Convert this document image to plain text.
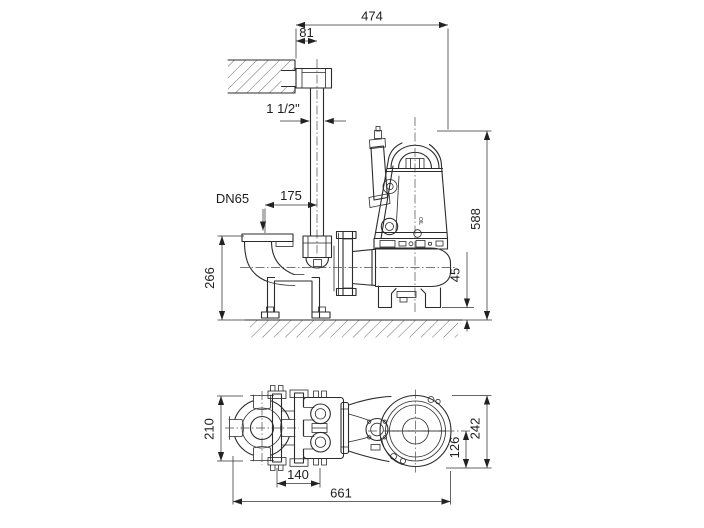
OIL
474
81
1 1/2"
DN65 175
266
588
45
210
140
661
126
242
